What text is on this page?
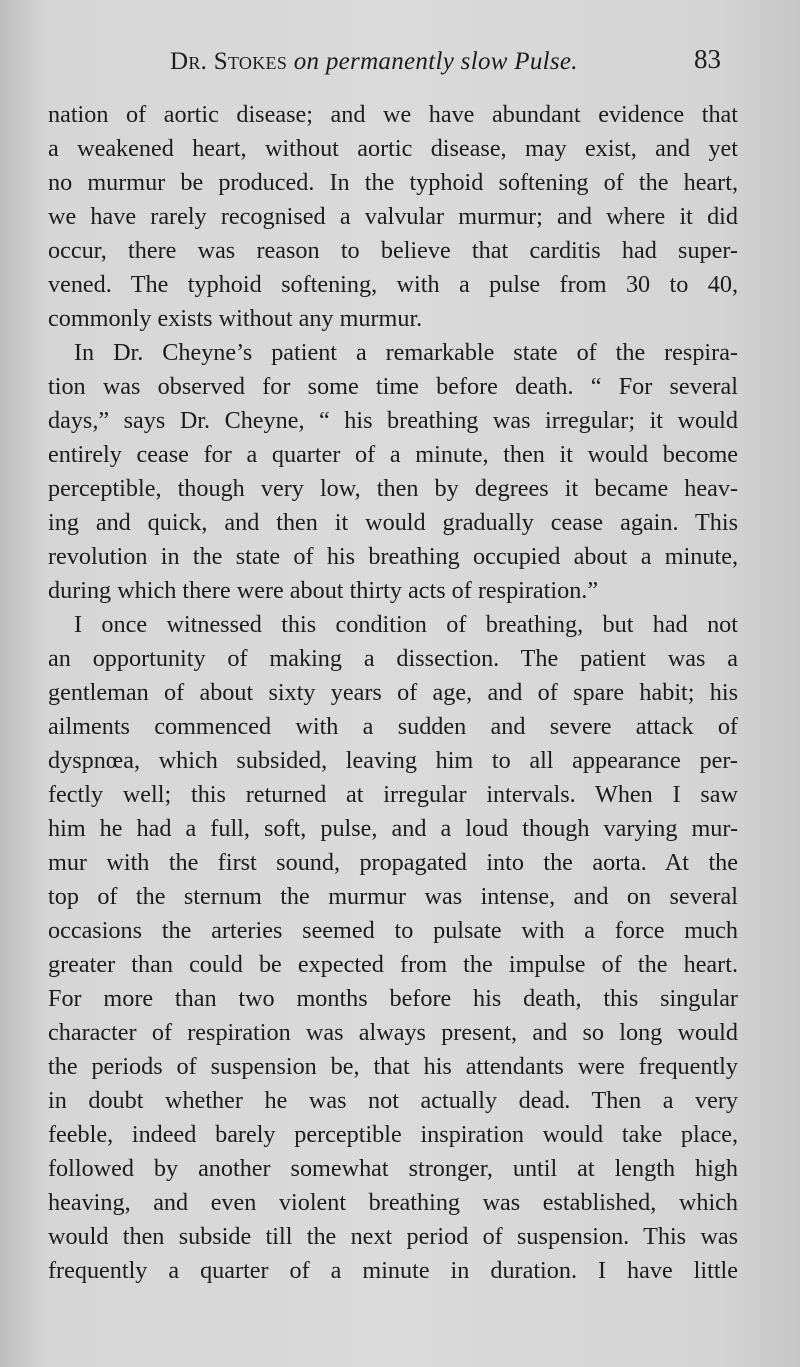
Dr. Stokes on permanently slow Pulse.	83
nation of aortic disease; and we have abundant evidence that
a weakened heart, without aortic disease, may exist, and yet
no murmur be produced. In the typhoid softening of the heart,
we have rarely recognised a valvular murmur; and where it did
occur, there was reason to believe that carditis had super-
vened. The typhoid softening, with a pulse from 30 to 40,
commonly exists without any murmur.
In Dr. Cheyne’s patient a remarkable state of the respira-
tion was observed for some time before death. “ For several
days,” says Dr. Cheyne, “ his breathing was irregular; it would
entirely cease for a quarter of a minute, then it would become
perceptible, though very low, then by degrees it became heav-
ing and quick, and then it would gradually cease again. This
revolution in the state of his breathing occupied about a minute,
during which there were about thirty acts of respiration.”
I once witnessed this condition of breathing, but had not
an opportunity of making a dissection. The patient was a
gentleman of about sixty years of age, and of spare habit; his
ailments commenced with a sudden and severe attack of
dyspnœa, which subsided, leaving him to all appearance per-
fectly well; this returned at irregular intervals. When I saw
him he had a full, soft, pulse, and a loud though varying mur-
mur with the first sound, propagated into the aorta. At the
top of the sternum the murmur was intense, and on several
occasions the arteries seemed to pulsate with a force much
greater than could be expected from the impulse of the heart.
For more than two months before his death, this singular
character of respiration was always present, and so long would
the periods of suspension be, that his attendants were frequently
in doubt whether he was not actually dead. Then a very
feeble, indeed barely perceptible inspiration would take place,
followed by another somewhat stronger, until at length high
heaving, and even violent breathing was established, which
would then subside till the next period of suspension. This was
frequently a quarter of a minute in duration. I have little
